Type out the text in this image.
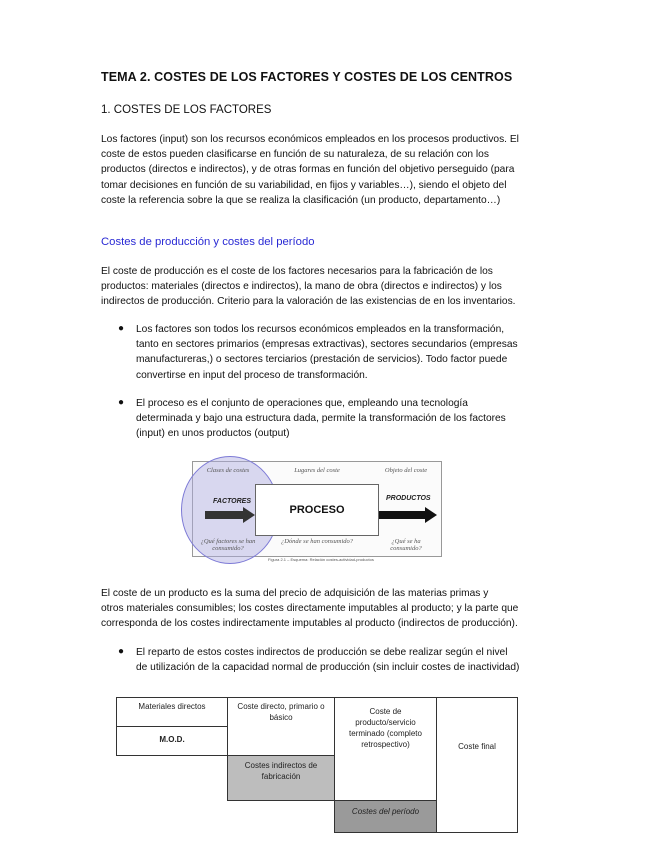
TEMA 2. COSTES DE LOS FACTORES Y COSTES DE LOS CENTROS
1. COSTES DE LOS FACTORES
Los factores (input) son los recursos económicos empleados en los procesos productivos. El
coste de estos pueden clasificarse en función de su naturaleza, de su relación con los
productos (directos e indirectos), y de otras formas en función del objetivo perseguido (para
tomar decisiones en función de su variabilidad, en fijos y variables…), siendo el objeto del
coste la referencia sobre la que se realiza la clasificación (un producto, departamento…)
Costes de producción y costes del período
El coste de producción es el coste de los factores necesarios para la fabricación de los
productos: materiales (directos e indirectos), la mano de obra (directos e indirectos) y los
indirectos de producción. Criterio para la valoración de las existencias de en los inventarios.
● Los factores son todos los recursos económicos empleados en la transformación,
tanto en sectores primarios (empresas extractivas), sectores secundarios (empresas
manufactureras,) o sectores terciarios (prestación de servicios). Todo factor puede
convertirse en input del proceso de transformación.
● El proceso es el conjunto de operaciones que, empleando una tecnología
determinada y bajo una estructura dada, permite la transformación de los factores
(input) en unos productos (output)
Clases de costes	Lugares del coste	Objeto del coste
PROCESO
FACTORES	PRODUCTOS
¿Qué factores se han consumido?
¿Dónde se han consumido?	¿Qué se ha consumido?
Figura 2.1 – Esquema: Relación costes-actividad-productos
El coste de un producto es la suma del precio de adquisición de las materias primas y
otros materiales consumibles; los costes directamente imputables al producto; y la parte que
corresponda de los costes indirectamente imputables al producto (indirectos de producción).
● El reparto de estos costes indirectos de producción se debe realizar según el nivel
de utilización de la capacidad normal de producción (sin incluir costes de inactividad)
Materiales directos
M.O.D.
Coste directo, primario o básico
Costes indirectos de fabricación
Coste de producto/servicio terminado (completo retrospectivo)
Costes del período
Coste final
